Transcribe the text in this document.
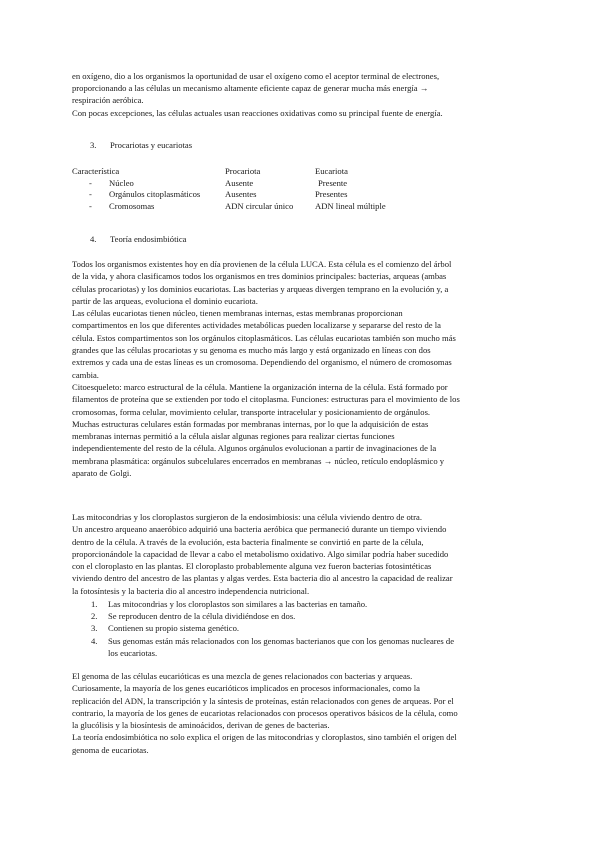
en oxígeno, dio a los organismos la oportunidad de usar el oxígeno como el aceptor terminal de electrones,
proporcionando a las células un mecanismo altamente eficiente capaz de generar mucha más energía →
respiración aeróbica.
Con pocas excepciones, las células actuales usan reacciones oxidativas como su principal fuente de energía.
3. Procariotas y eucariotas
Característica	Procariota	Eucariota
- Núcleo	Ausente	Presente
- Orgánulos citoplasmáticos	Ausentes	Presentes
- Cromosomas	ADN circular único	ADN lineal múltiple
4. Teoría endosimbiótica
Todos los organismos existentes hoy en día provienen de la célula LUCA. Esta célula es el comienzo del árbol
de la vida, y ahora clasificamos todos los organismos en tres dominios principales: bacterias, arqueas (ambas
células procariotas) y los dominios eucariotas. Las bacterias y arqueas divergen temprano en la evolución y, a
partir de las arqueas, evoluciona el dominio eucariota.
Las células eucariotas tienen núcleo, tienen membranas internas, estas membranas proporcionan
compartimentos en los que diferentes actividades metabólicas pueden localizarse y separarse del resto de la
célula. Estos compartimentos son los orgánulos citoplasmáticos. Las células eucariotas también son mucho más
grandes que las células procariotas y su genoma es mucho más largo y está organizado en líneas con dos
extremos y cada una de estas líneas es un cromosoma. Dependiendo del organismo, el número de cromosomas
cambia.
Citoesqueleto: marco estructural de la célula. Mantiene la organización interna de la célula. Está formado por
filamentos de proteína que se extienden por todo el citoplasma. Funciones: estructuras para el movimiento de los
cromosomas, forma celular, movimiento celular, transporte intracelular y posicionamiento de orgánulos.
Muchas estructuras celulares están formadas por membranas internas, por lo que la adquisición de estas
membranas internas permitió a la célula aislar algunas regiones para realizar ciertas funciones
independientemente del resto de la célula. Algunos orgánulos evolucionan a partir de invaginaciones de la
membrana plasmática: orgánulos subcelulares encerrados en membranas → núcleo, retículo endoplásmico y
aparato de Golgi.
Las mitocondrias y los cloroplastos surgieron de la endosimbiosis: una célula viviendo dentro de otra.
Un ancestro arqueano anaeróbico adquirió una bacteria aeróbica que permaneció durante un tiempo viviendo
dentro de la célula. A través de la evolución, esta bacteria finalmente se convirtió en parte de la célula,
proporcionándole la capacidad de llevar a cabo el metabolismo oxidativo. Algo similar podría haber sucedido
con el cloroplasto en las plantas. El cloroplasto probablemente alguna vez fueron bacterias fotosintéticas
viviendo dentro del ancestro de las plantas y algas verdes. Esta bacteria dio al ancestro la capacidad de realizar
la fotosíntesis y la bacteria dio al ancestro independencia nutricional.
1. Las mitocondrias y los cloroplastos son similares a las bacterias en tamaño.
2. Se reproducen dentro de la célula dividiéndose en dos.
3. Contienen su propio sistema genético.
4. Sus genomas están más relacionados con los genomas bacterianos que con los genomas nucleares de
los eucariotas.
El genoma de las células eucarióticas es una mezcla de genes relacionados con bacterias y arqueas.
Curiosamente, la mayoría de los genes eucarióticos implicados en procesos informacionales, como la
replicación del ADN, la transcripción y la síntesis de proteínas, están relacionados con genes de arqueas. Por el
contrario, la mayoría de los genes de eucariotas relacionados con procesos operativos básicos de la célula, como
la glucólisis y la biosíntesis de aminoácidos, derivan de genes de bacterias.
La teoría endosimbiótica no solo explica el origen de las mitocondrias y cloroplastos, sino también el origen del
genoma de eucariotas.
